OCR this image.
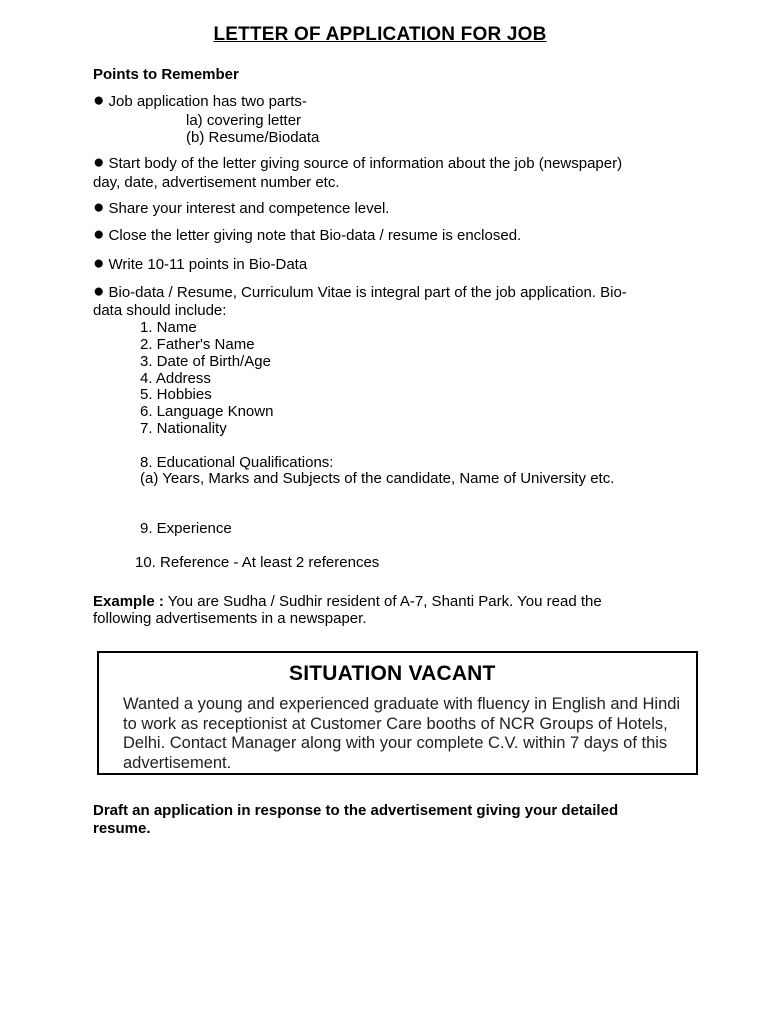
LETTER OF APPLICATION FOR JOB
Points to Remember
● Job application has two parts-
la) covering letter
(b) Resume/Biodata
● Start body of the letter giving source of information about the job (newspaper)
day, date, advertisement number etc.
● Share your interest and competence level.
● Close the letter giving note that Bio-data / resume is enclosed.
● Write 10-11 points in Bio-Data
● Bio-data / Resume, Curriculum Vitae is integral part of the job application. Bio-
data should include:
1. Name
2. Father's Name
3. Date of Birth/Age
4. Address
5. Hobbies
6. Language Known
7. Nationality
8. Educational Qualifications:
(a) Years, Marks and Subjects of the candidate, Name of University etc.
9. Experience
10. Reference - At least 2 references
Example : You are Sudha / Sudhir resident of A-7, Shanti Park. You read the
following advertisements in a newspaper.
SITUATION VACANT
Wanted a young and experienced graduate with fluency in English and Hindi to work as receptionist at Customer Care booths of NCR Groups of Hotels, Delhi. Contact Manager along with your complete C.V. within 7 days of this advertisement.
Draft an application in response to the advertisement giving your detailed
resume.
